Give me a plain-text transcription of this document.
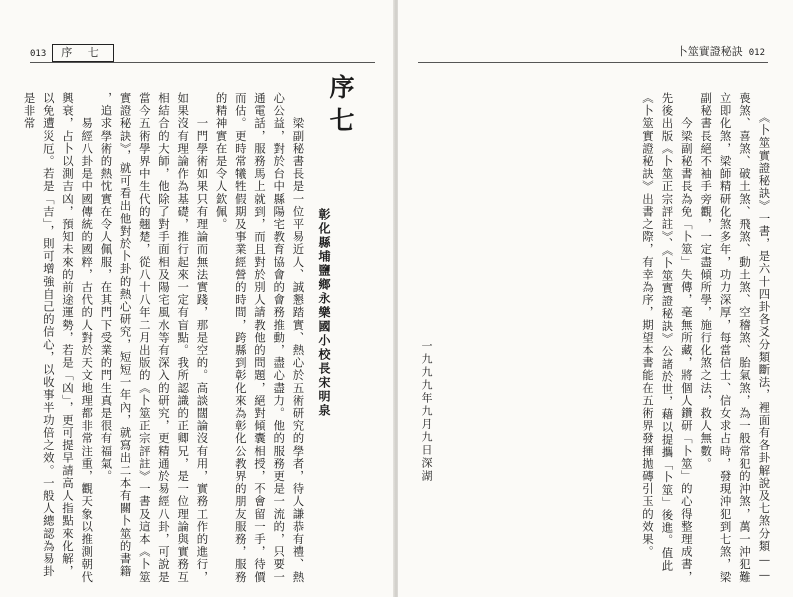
013 序 七
序七
彰化縣埔鹽鄉永樂國小校長宋明泉
　　梁副秘書長是一位平易近人、誠懇踏實、熱心於五術研究的學者，待人謙恭有禮、熱
心公益，對於台中縣陽宅教育協會的會務推動，盡心盡力。他的服務更是一流的，只要一
通電話，服務馬上就到，而且對於別人請教他的問題，絕對傾囊相授，不會留一手，待價
而估。更時常犧牲假期及事業經營的時間，跨縣到彰化來為彰化公教界的朋友服務，服務
的精神實在是令人欽佩。
　　一門學術如果只有理論而無法實踐，那是空的。高談闊論沒有用，實務工作的進行，
如果沒有理論作為基礎，推行起來一定有盲點。我所認識的正卿兄，是一位理論與實務互
相結合的大師，他除了對手面相及陽宅風水等有深入的研究，更精通於易經八卦，可說是
當今五術學界中生代的翹楚，從八十八年二月出版的《卜筮正宗評註》一書及這本《卜筮
實證秘訣》，就可看出他對於卜卦的熱心研究，短短一年內，就寫出二本有關卜筮的書籍
，追求學術的熱忱實在令人佩服，在其門下受業的門生真是很有福氣。
　　易經八卦是中國傳統的國粹，古代的人對於天文地理都非常注重，觀天象以推測朝代
興衰，占卜以測吉凶，預知未來的前途運勢，若是「凶」，更可提早請高人指點來化解，
以免遭災厄。若是「吉」，則可增強自己的信心，以收事半功倍之效。一般人總認為易卦
是非常
卜筮實證秘訣 012
　　《卜筮實證秘訣》一書，是六十四卦各爻分類斷法，裡面有各卦解說及七煞分類——
喪煞、喜煞、破土煞、飛煞、動土煞、空稽煞、胎氣煞，為一般常犯的沖煞，萬一沖犯難
立即化煞，梁師精研化煞多年，功力深厚，每當信士、信女求占時，發現沖犯到七煞，梁
副秘書長絕不袖手旁觀，一定盡傾所學，施行化煞之法，救人無數。
　　今梁副秘書長為免「卜筮」失傳，毫無所藏，將個人鑽研「卜筮」的心得整理成書，
先後出版《卜筮正宗評註》、《卜筮實證秘訣》公諸於世，藉以提攜「卜筮」後進。值此
《卜筮實證秘訣》出書之際，有幸為序，期望本書能在五術界發揮拋磚引玉的效果。
一九九九年九月九日深湖
